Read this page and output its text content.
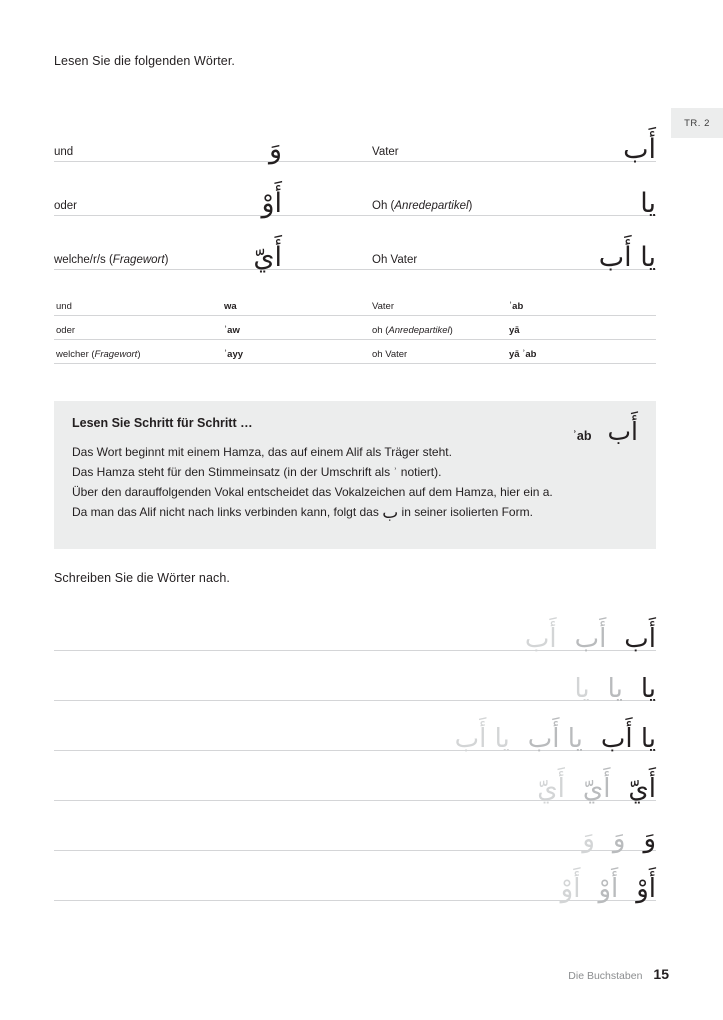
Lesen Sie die folgenden Wörter.
TR. 2
und	وَ	Vater	أَب
oder	أَوْ	Oh (Anredepartikel)	يا
welche/r/s (Fragewort)	أَيّ	Oh Vater	يا أَب
und	wa	Vater	ʾab
oder	ʾaw	oh (Anredepartikel)	yā
welcher (Fragewort)	ʾayy	oh Vater	yā ʾab
Lesen Sie Schritt für Schritt …
Das Wort beginnt mit einem Hamza, das auf einem Alif als Träger steht.
Das Hamza steht für den Stimmeinsatz (in der Umschrift als ʾ notiert).
Über den darauffolgenden Vokal entscheidet das Vokalzeichen auf dem Hamza, hier ein a.
Da man das Alif nicht nach links verbinden kann, folgt das ب in seiner isolierten Form.
ʾab أَب
Schreiben Sie die Wörter nach.
أَب
أَب
أَب
يا
يا
يا
يا أَب
يا أَب
يا أَب
أَيّ
أَيّ
أَيّ
وَ
وَ
وَ
أَوْ
أَوْ
أَوْ
Die Buchstaben 15
